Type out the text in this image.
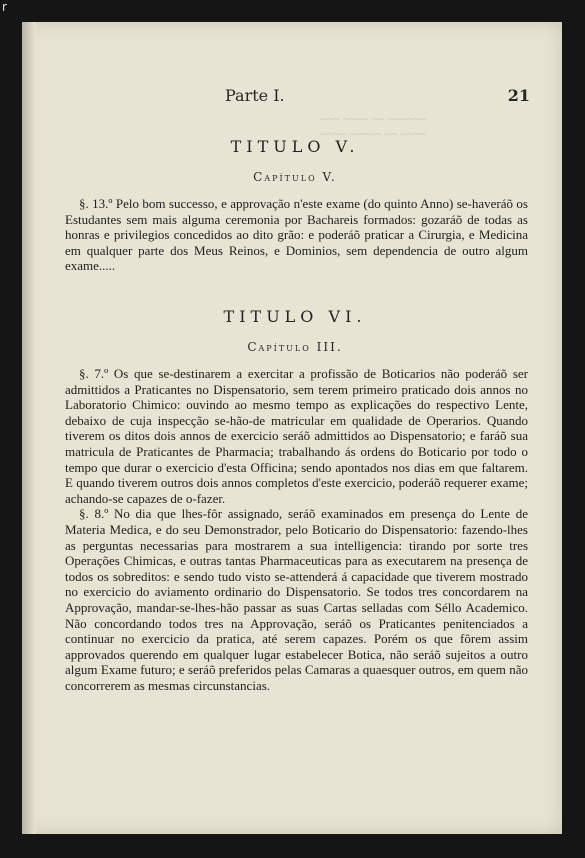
r
~~~ ~~~~ ~~ ~~~~~~
~~~~ ~~~~~ ~~ ~~~~
Parte I.	21
TITULO V.
Capítulo V.

§. 13.º Pelo bom successo, e approvação n'este exame (do quinto Anno) se-haveráõ os Estudantes sem mais alguma ceremonia por Bachareis formados: gozaráõ de todas as honras e privilegios concedidos ao dito grão: e poderáõ praticar a Cirurgia, e Medicina em qualquer parte dos Meus Reinos, e Dominios, sem dependencia de outro algum exame.....

TITULO VI.
Capítulo III.

§. 7.º Os que se-destinarem a exercitar a profissão de Boticarios não poderáõ ser admittidos a Praticantes no Dispensatorio, sem terem primeiro praticado dois annos no Laboratorio Chimico: ouvindo ao mesmo tempo as explicações do respectivo Lente, debaixo de cuja inspecção se-hão-de matricular em qualidade de Operarios. Quando tiverem os ditos dois annos de exercicio seráõ admittidos ao Dispensatorio; e faráõ sua matricula de Praticantes de Pharmacia; trabalhando ás ordens do Boticario por todo o tempo que durar o exercicio d'esta Officina; sendo apontados nos dias em que faltarem. E quando tiverem outros dois annos completos d'este exercicio, poderáõ requerer exame; achando-se capazes de o-fazer.

§. 8.º No dia que lhes-fôr assignado, seráõ examinados em presença do Lente de Materia Medica, e do seu Demonstrador, pelo Boticario do Dispensatorio: fazendo-lhes as perguntas necessarias para mostrarem a sua intelligencia: tirando por sorte tres Operações Chimicas, e outras tantas Pharmaceuticas para as executarem na presença de todos os sobreditos: e sendo tudo visto se-attenderá á capacidade que tiverem mostrado no exercicio do aviamento ordinario do Dispensatorio. Se todos tres concordarem na Approvação, mandar-se-lhes-hão passar as suas Cartas selladas com Séllo Academico. Não concordando todos tres na Approvação, seráõ os Praticantes penitenciados a continuar no exercicio da pratica, até serem capazes. Porém os que fôrem assim approvados querendo em qualquer lugar estabelecer Botica, não seráõ sujeitos a outro algum Exame futuro; e seráõ preferidos pelas Camaras a quaesquer outros, em quem não concorrerem as mesmas circunstancias.
